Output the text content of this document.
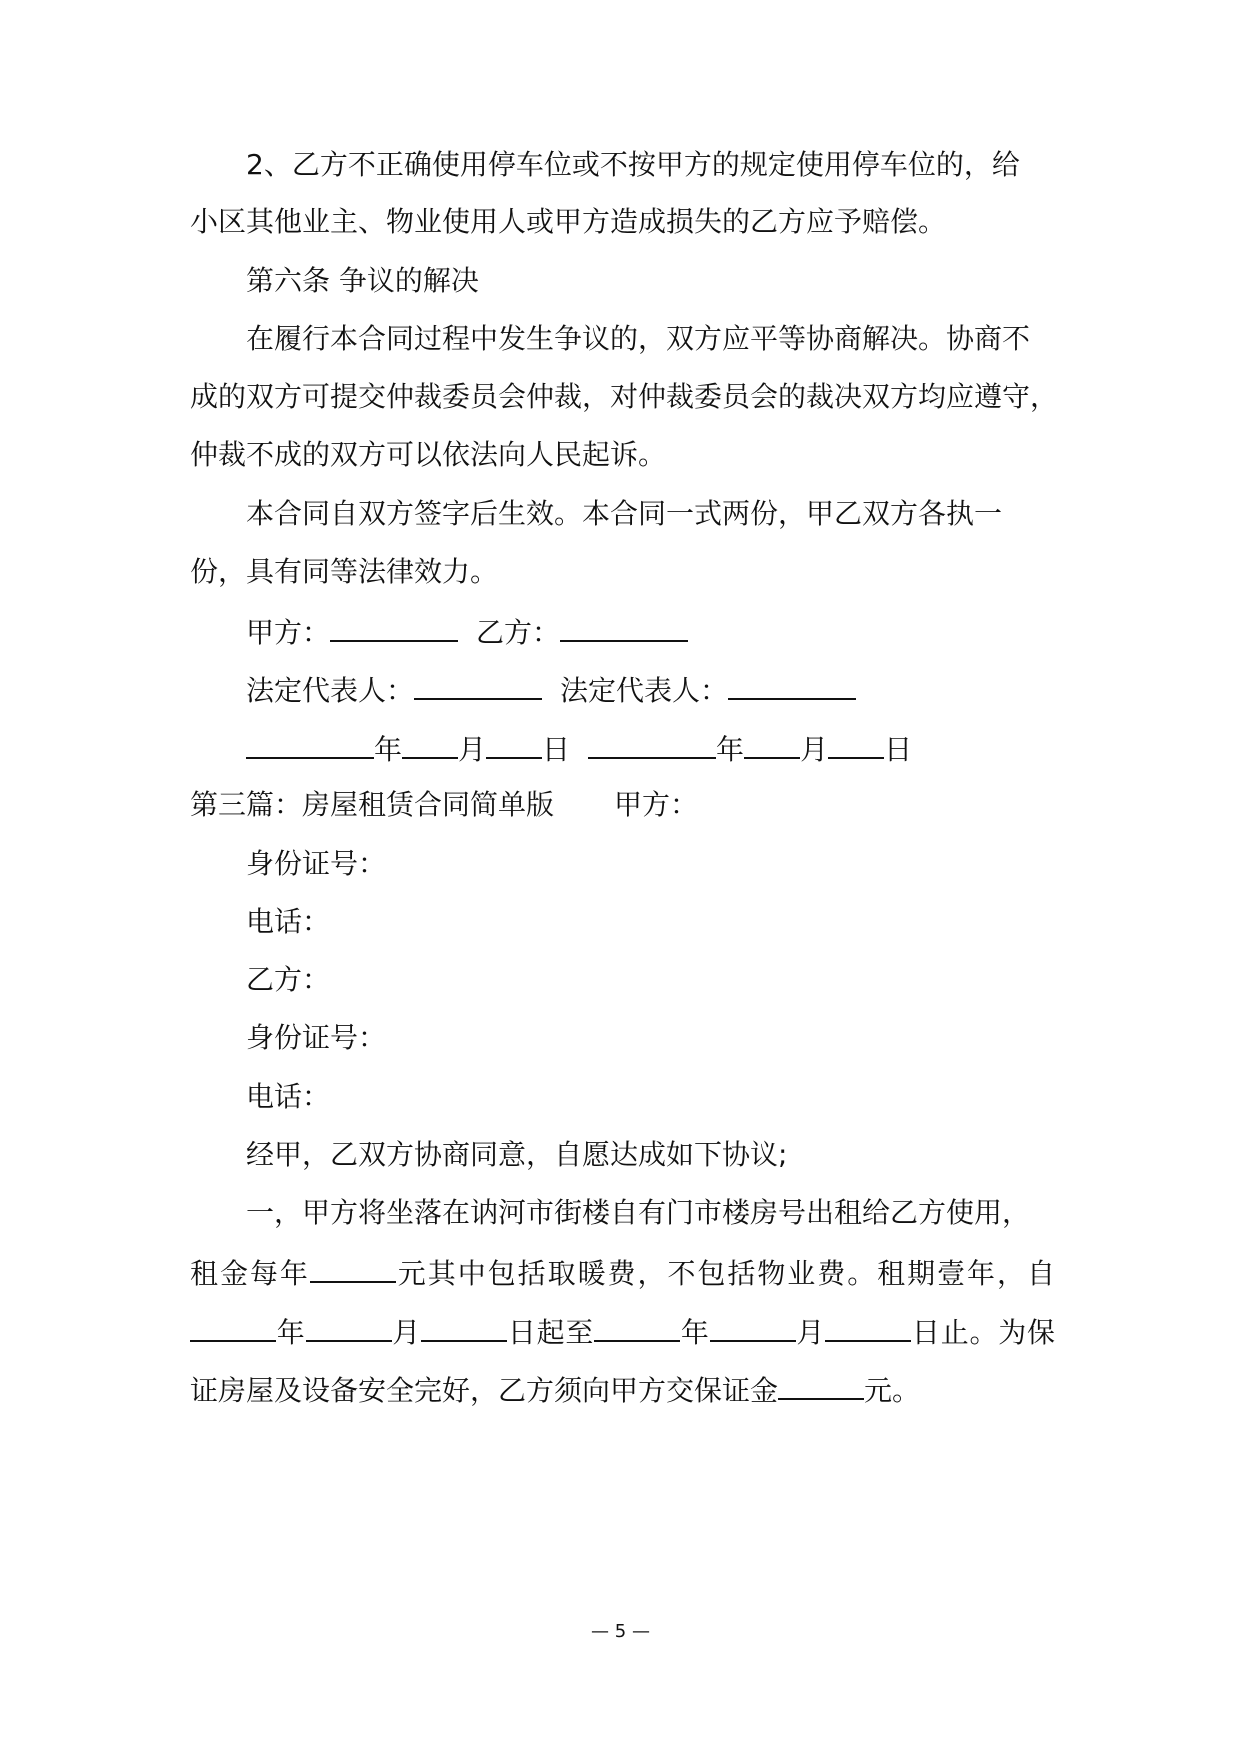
2、乙方不正确使用停车位或不按甲方的规定使用停车位的，给
小区其他业主、物业使用人或甲方造成损失的乙方应予赔偿。
第六条 争议的解决
在履行本合同过程中发生争议的，双方应平等协商解决。协商不
成的双方可提交仲裁委员会仲裁，对仲裁委员会的裁决双方均应遵守，
仲裁不成的双方可以依法向人民起诉。
本合同自双方签字后生效。本合同一式两份，甲乙双方各执一
份，具有同等法律效力。
甲方：	乙方：
法定代表人：	法定代表人：
年 月 日	年 月 日
第三篇：房屋租赁合同简单版 甲方：
身份证号：
电话：
乙方：
身份证号：
电话：
经甲，乙双方协商同意，自愿达成如下协议;
一，甲方将坐落在讷河市街楼自有门市楼房号出租给乙方使用，
租金每年	元其中包括取暖费，不包括物业费。租期壹年，自
年	月	日起至	年	月	日止。为保
证房屋及设备安全完好，乙方须向甲方交保证金	元。
— 5 —
